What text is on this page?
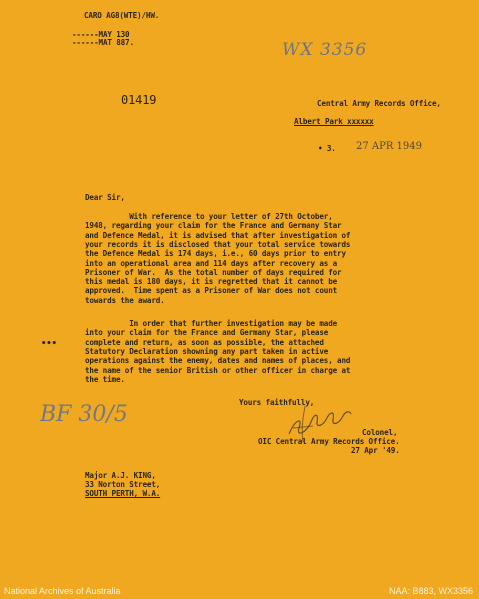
CARO AG8(WTE)/HW.
------MAY 130
------MAT 887.	WX 3356
01419	Central Army Records Office,
Albert Park xxxxxx
• 3. 27 APR 1949
Dear Sir,
With reference to your letter of 27th October,
1948, regarding your claim for the France and Germany Star
and Defence Medal, it is advised that after investigation of
your records it is disclosed that your total service towards
the Defence Medal is 174 days, i.e., 60 days prior to entry
into an operational area and 114 days after recovery as a
Prisoner of War.  As the total number of days required for
this medal is 180 days, it is regretted that it cannot be
approved.  Time spent as a Prisoner of War does not count
towards the award.
In order that further investigation may be made
into your claim for the France and Germany Star, please
complete and return, as soon as possible, the attached
Statutory Declaration showning any part taken in active
operations against the enemy, dates and names of places, and
the name of the senior British or other officer in charge at
the time.
•••
Yours faithfully,
Colonel,
OIC Central Army Records Office.
27 Apr '49.
BF 30/5
Major A.J. KING,
33 Norton Street,
SOUTH PERTH, W.A.
National Archives of Australia	NAA: B883, WX3356
